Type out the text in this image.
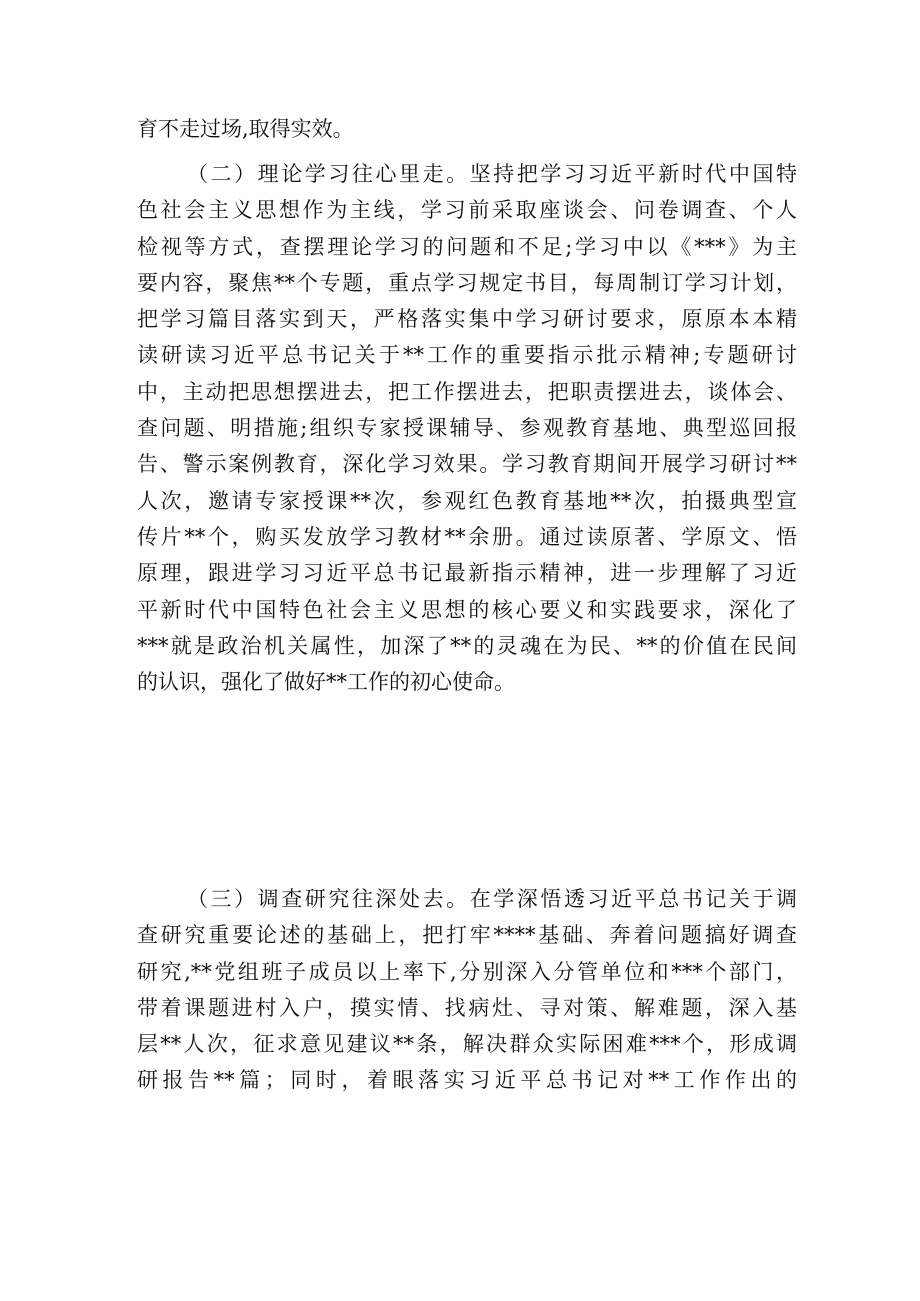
育不走过场,取得实效。
（二）理论学习往心里走。坚持把学习习近平新时代中国特
色社会主义思想作为主线，学习前采取座谈会、问卷调查、个人
检视等方式，查摆理论学习的问题和不足;学习中以《***》为主
要内容，聚焦**个专题，重点学习规定书目，每周制订学习计划，
把学习篇目落实到天，严格落实集中学习研讨要求，原原本本精
读研读习近平总书记关于**工作的重要指示批示精神;专题研讨
中，主动把思想摆进去，把工作摆进去，把职责摆进去，谈体会、
查问题、明措施;组织专家授课辅导、参观教育基地、典型巡回报
告、警示案例教育，深化学习效果。学习教育期间开展学习研讨**
人次，邀请专家授课**次，参观红色教育基地**次，拍摄典型宣
传片**个，购买发放学习教材**余册。通过读原著、学原文、悟
原理，跟进学习习近平总书记最新指示精神，进一步理解了习近
平新时代中国特色社会主义思想的核心要义和实践要求，深化了
***就是政治机关属性，加深了**的灵魂在为民、**的价值在民间
的认识，强化了做好**工作的初心使命。
（三）调查研究往深处去。在学深悟透习近平总书记关于调
查研究重要论述的基础上，把打牢****基础、奔着问题搞好调查
研究,**党组班子成员以上率下,分别深入分管单位和***个部门，
带着课题进村入户，摸实情、找病灶、寻对策、解难题，深入基
层**人次，征求意见建议**条，解决群众实际困难***个，形成调
研报告**篇；同时，着眼落实习近平总书记对**工作作出的
